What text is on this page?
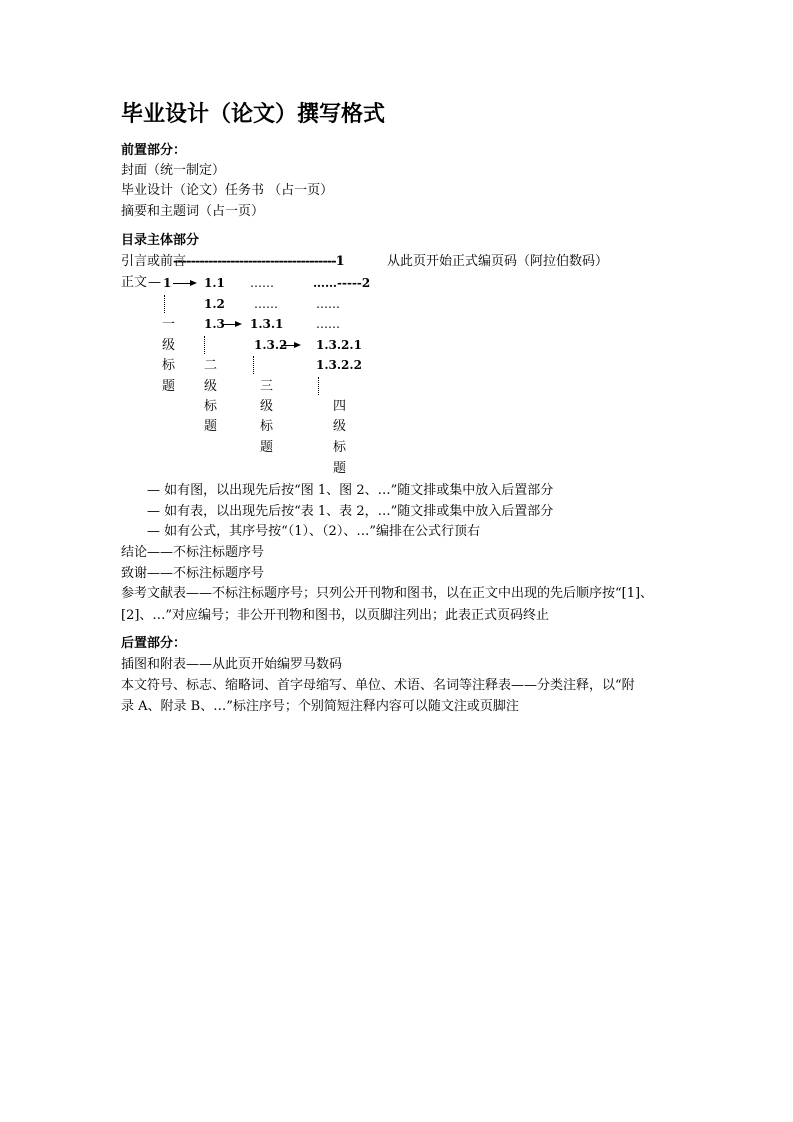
毕业设计（论文）撰写格式
前置部分：
封面（统一制定）
毕业设计（论文）任务书 （占一页）
摘要和主题词（占一页）
目录主体部分
引言或前言
-------------------------------------1	从此页开始正式编页码（阿拉伯数码）
正文 — 1	1.1 ……	……-----2
1.2 ……	……
1.3 1.3.1	……
1.3.2 1.3.2.1
1.3.2.2
一
级
标
题
二
级
标
题
三
级
标
题
四
级
标
题
— 如有图，以出现先后按“图 1、图 2、…”随文排或集中放入后置部分
— 如有表，以出现先后按“表 1、表 2，…”随文排或集中放入后置部分
— 如有公式，其序号按“（1）、（2）、…”编排在公式行顶右
结论——不标注标题序号
致谢——不标注标题序号
参考文献表——不标注标题序号；只列公开刊物和图书，以在正文中出现的先后顺序按“[1]、
[2]、…”对应编号；非公开刊物和图书，以页脚注列出；此表正式页码终止
后置部分：
插图和附表——从此页开始编罗马数码
本文符号、标志、缩略词、首字母缩写、单位、术语、名词等注释表——分类注释，以“附
录 A、附录 B、…”标注序号；个别简短注释内容可以随文注或页脚注
